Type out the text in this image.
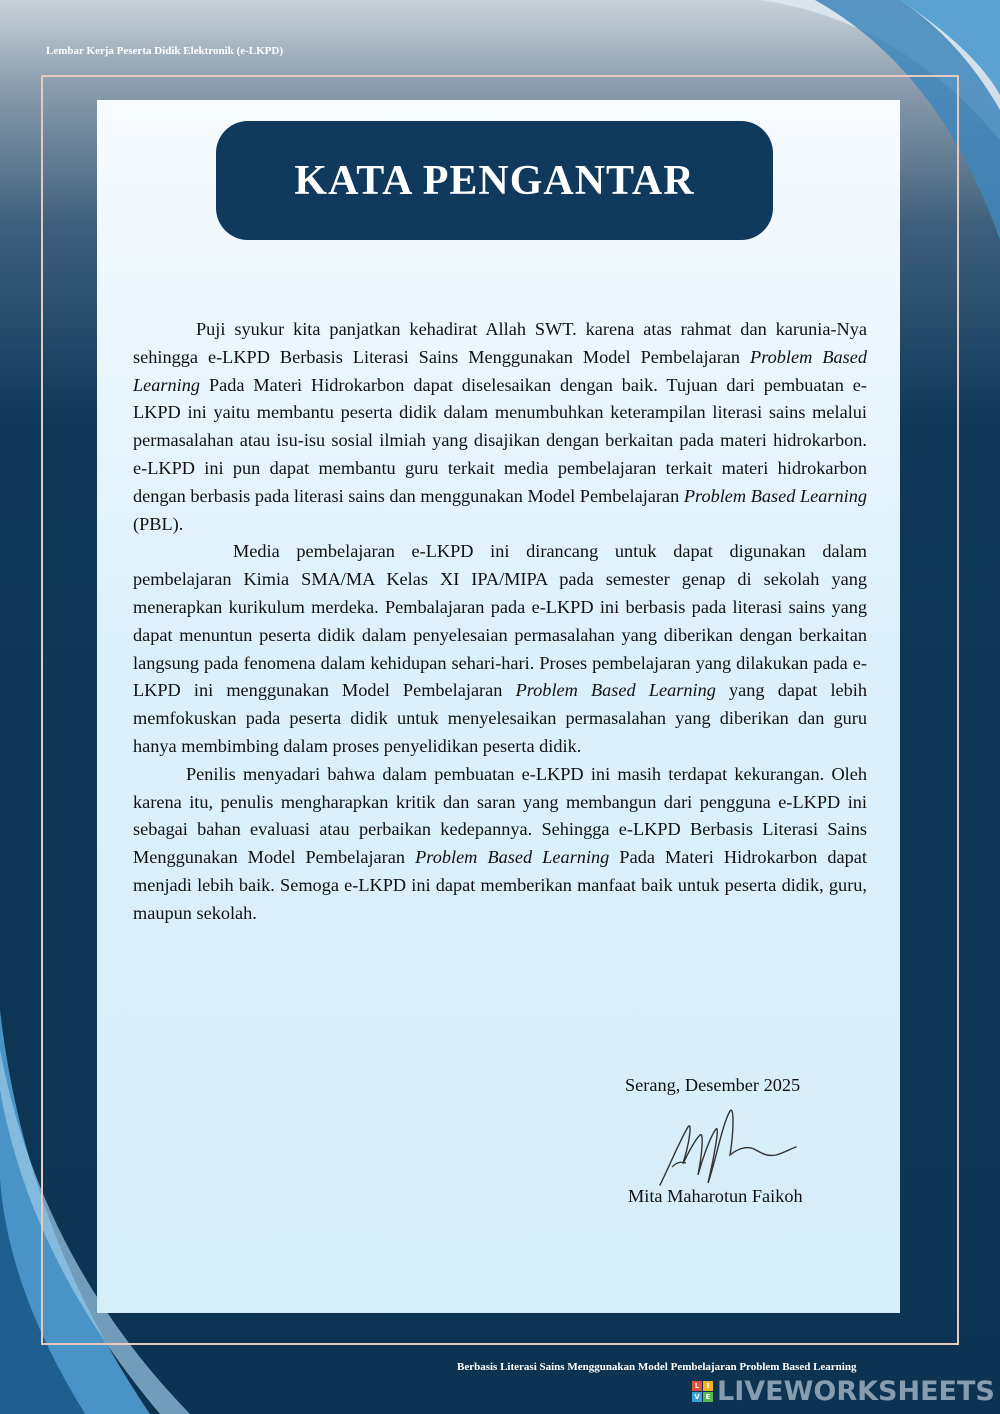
Lembar Kerja Peserta Didik Elektronik (e-LKPD)
KATA PENGANTAR

Puji syukur kita panjatkan kehadirat Allah SWT. karena atas rahmat dan karunia-Nya sehingga e-LKPD Berbasis Literasi Sains Menggunakan Model Pembelajaran Problem Based Learning Pada Materi Hidrokarbon dapat diselesaikan dengan baik. Tujuan dari pembuatan e-LKPD ini yaitu membantu peserta didik dalam menumbuhkan keterampilan literasi sains melalui permasalahan atau isu-isu sosial ilmiah yang disajikan dengan berkaitan pada materi hidrokarbon. e-LKPD ini pun dapat membantu guru terkait media pembelajaran terkait materi hidrokarbon dengan berbasis pada literasi sains dan menggunakan Model Pembelajaran Problem Based Learning (PBL).

Media pembelajaran e-LKPD ini dirancang untuk dapat digunakan dalam pembelajaran Kimia SMA/MA Kelas XI IPA/MIPA pada semester genap di sekolah yang menerapkan kurikulum merdeka. Pembalajaran pada e-LKPD ini berbasis pada literasi sains yang dapat menuntun peserta didik dalam penyelesaian permasalahan yang diberikan dengan berkaitan langsung pada fenomena dalam kehidupan sehari-hari. Proses pembelajaran yang dilakukan pada e-LKPD ini menggunakan Model Pembelajaran Problem Based Learning yang dapat lebih memfokuskan pada peserta didik untuk menyelesaikan permasalahan yang diberikan dan guru hanya membimbing dalam proses penyelidikan peserta didik.

Penilis menyadari bahwa dalam pembuatan e-LKPD ini masih terdapat kekurangan. Oleh karena itu, penulis mengharapkan kritik dan saran yang membangun dari pengguna e-LKPD ini sebagai bahan evaluasi atau perbaikan kedepannya. Sehingga e-LKPD Berbasis Literasi Sains Menggunakan Model Pembelajaran Problem Based Learning Pada Materi Hidrokarbon dapat menjadi lebih baik. Semoga e-LKPD ini dapat memberikan manfaat baik untuk peserta didik, guru, maupun sekolah.

Serang, Desember 2025
Mita Maharotun Faikoh
Berbasis Literasi Sains Menggunakan Model Pembelajaran Problem Based Learning
L	I
V E LIVEWORKSHEETS
